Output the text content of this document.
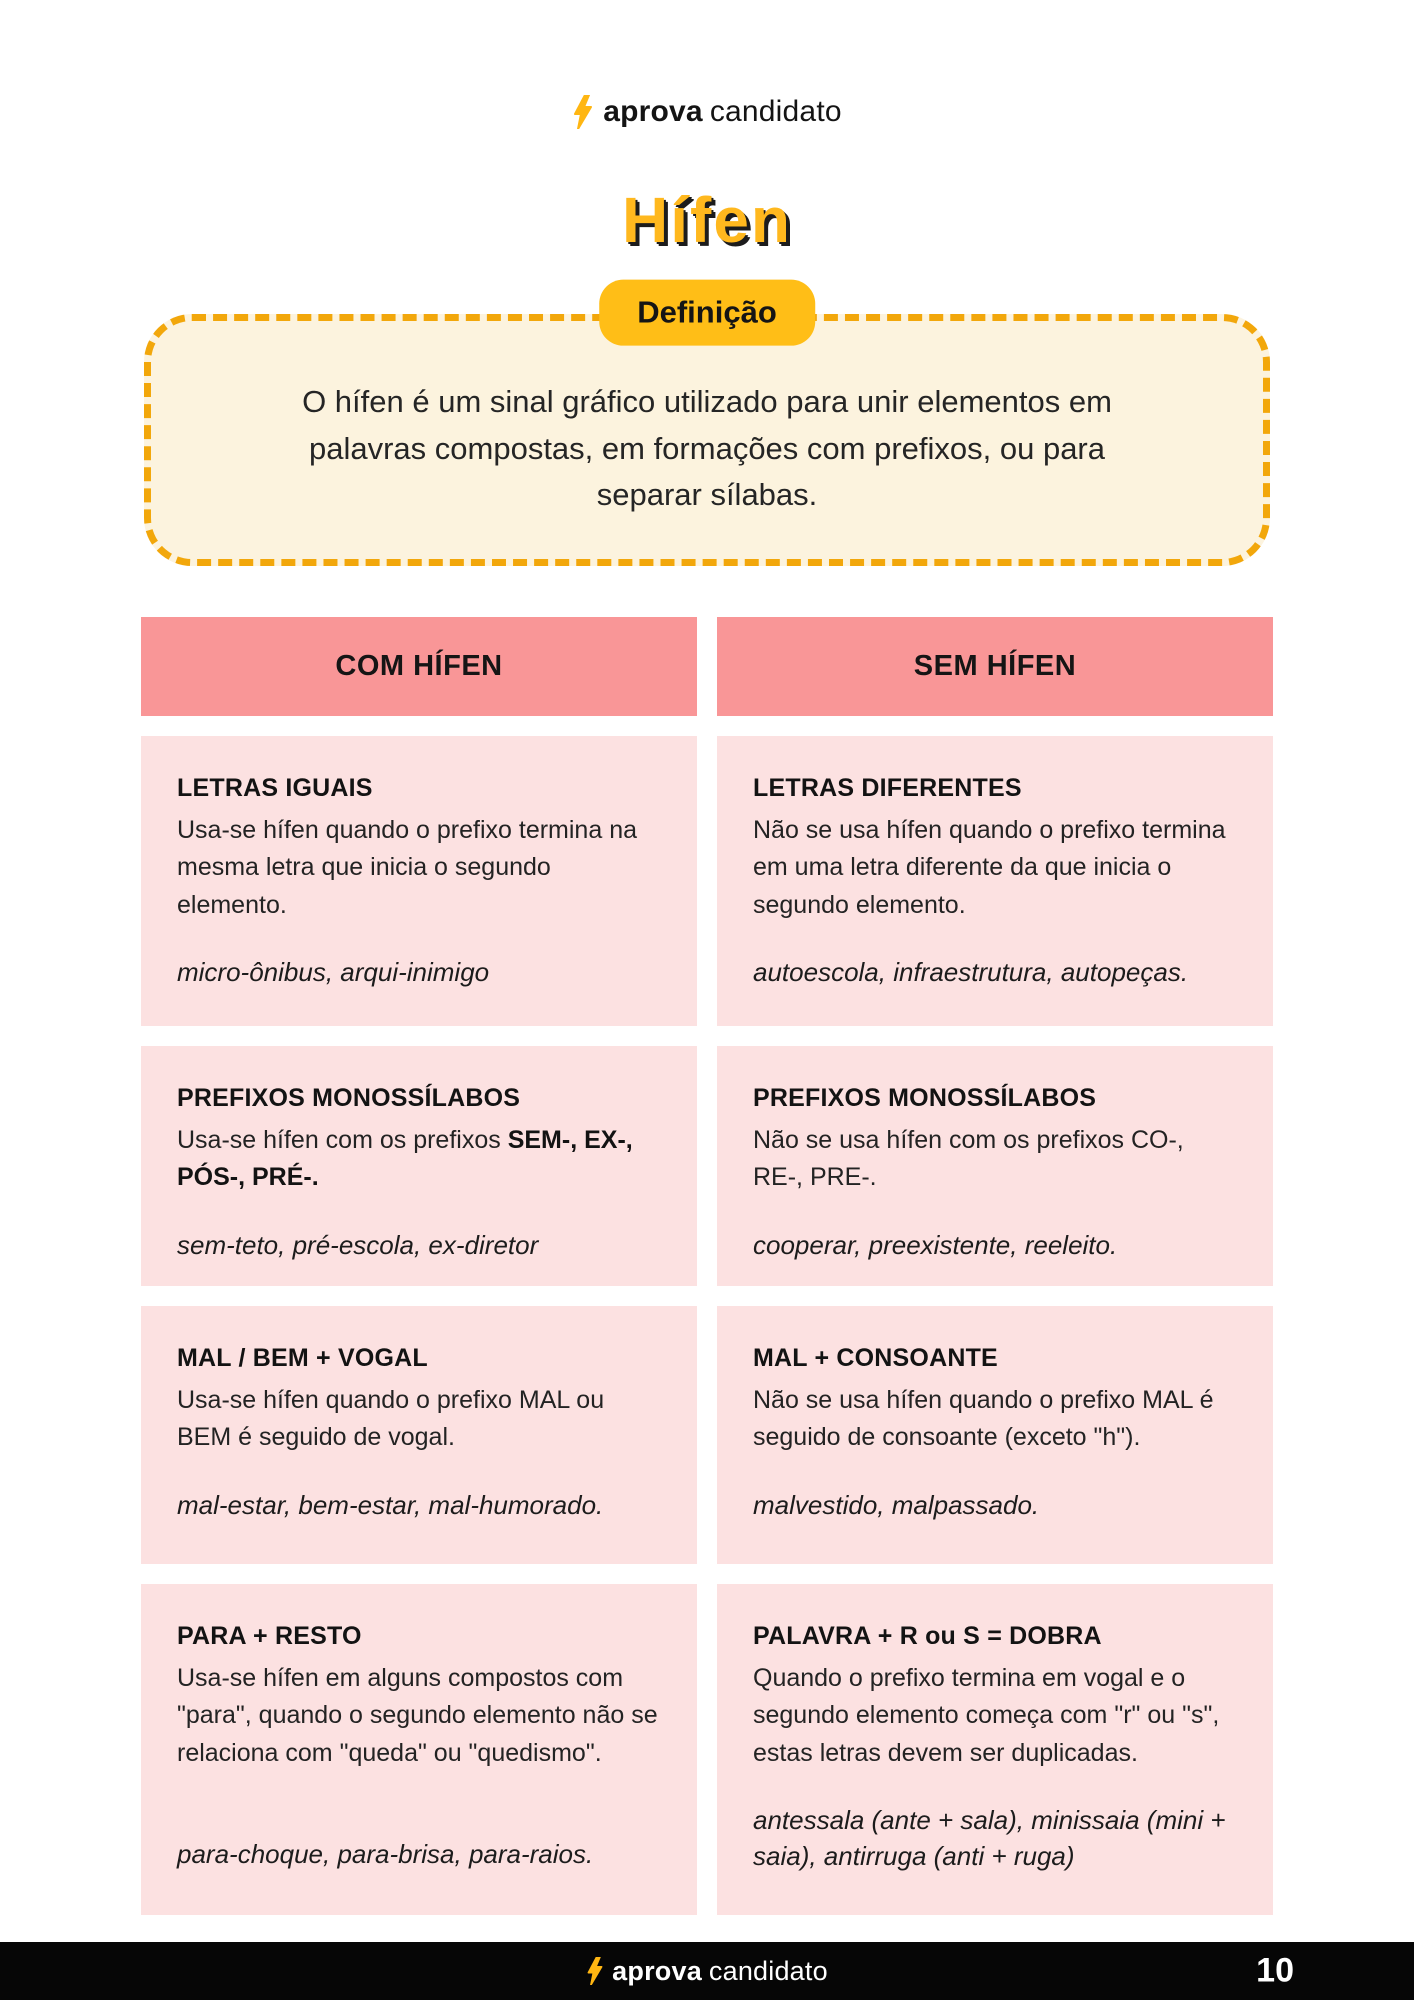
aprova candidato
Hífen
Definição
O hífen é um sinal gráfico utilizado para unir elementos em palavras compostas, em formações com prefixos, ou para separar sílabas.
COM HÍFEN	SEM HÍFEN
LETRAS IGUAIS
Usa-se hífen quando o prefixo termina na mesma letra que inicia o segundo elemento.
micro-ônibus, arqui-inimigo
LETRAS DIFERENTES
Não se usa hífen quando o prefixo termina em uma letra diferente da que inicia o segundo elemento.
autoescola, infraestrutura, autopeças.
PREFIXOS MONOSSÍLABOS
Usa-se hífen com os prefixos SEM-, EX-, PÓS-, PRÉ-.
sem-teto, pré-escola, ex-diretor
PREFIXOS MONOSSÍLABOS
Não se usa hífen com os prefixos CO-, RE-, PRE-.
cooperar, preexistente, reeleito.
MAL / BEM + VOGAL
Usa-se hífen quando o prefixo MAL ou BEM é seguido de vogal.
mal-estar, bem-estar, mal-humorado.
MAL + CONSOANTE
Não se usa hífen quando o prefixo MAL é seguido de consoante (exceto "h").
malvestido, malpassado.
PARA + RESTO
Usa-se hífen em alguns compostos com "para", quando o segundo elemento não se relaciona com "queda" ou "quedismo".
para-choque, para-brisa, para-raios.
PALAVRA + R ou S = DOBRA
Quando o prefixo termina em vogal e o segundo elemento começa com "r" ou "s", estas letras devem ser duplicadas.
antessala (ante + sala), minissaia (mini + saia), antirruga (anti + ruga)
aprova candidato	10
